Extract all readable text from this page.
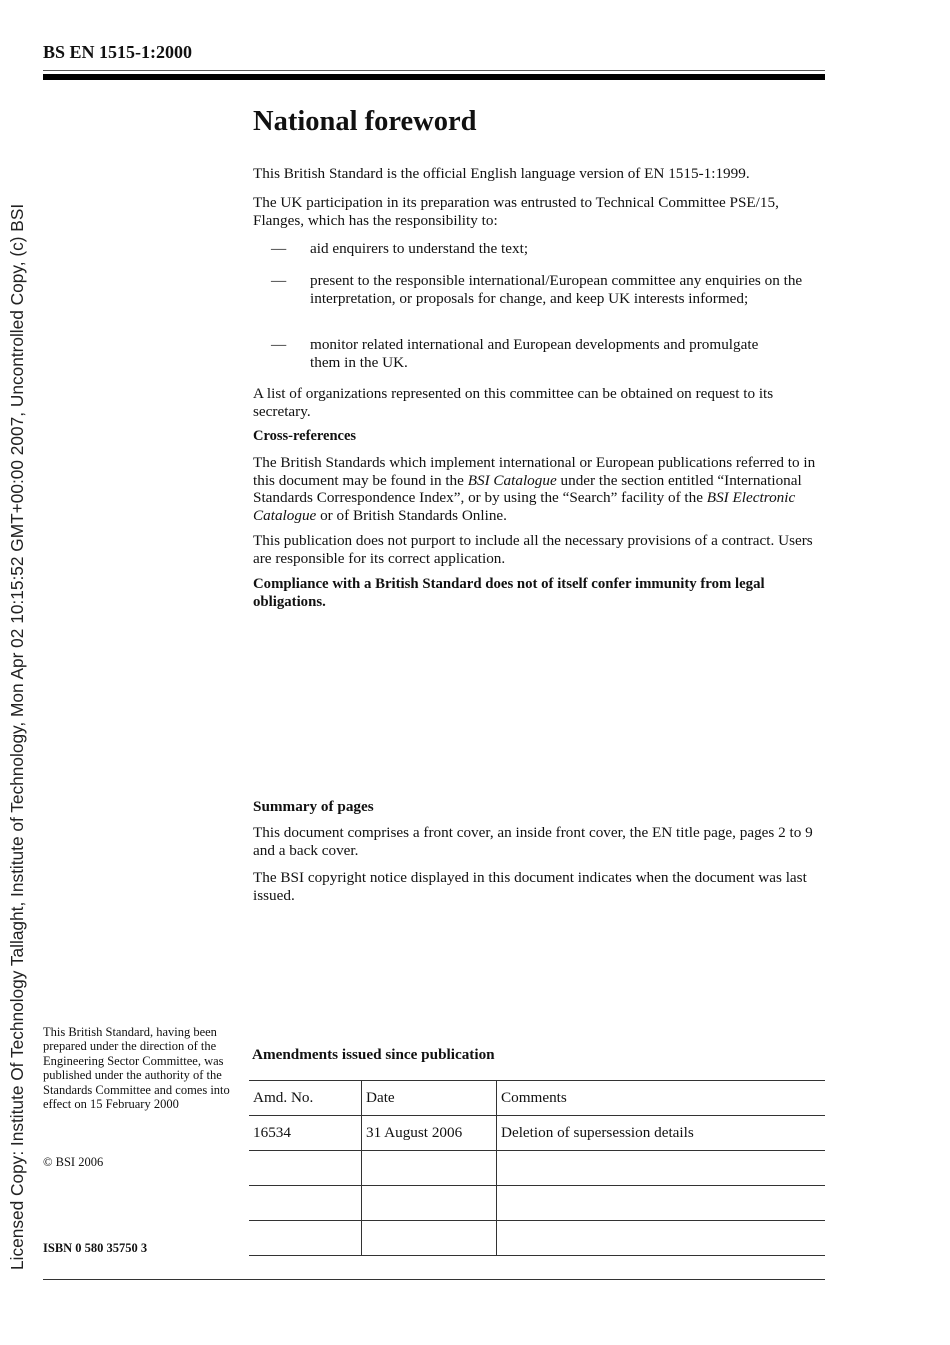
Licensed Copy: Institute Of Technology Tallaght, Institute of Technology, Mon Apr 02 10:15:52 GMT+00:00 2007, Uncontrolled Copy, (c) BSI
BS EN 1515-1:2000
National foreword
This British Standard is the official English language version of EN 1515-1:1999.
The UK participation in its preparation was entrusted to Technical Committee PSE/15, Flanges, which has the responsibility to:
— aid enquirers to understand the text;
— present to the responsible international/European committee any enquiries on the interpretation, or proposals for change, and keep UK interests informed;
— monitor related international and European developments and promulgate them in the UK.
A list of organizations represented on this committee can be obtained on request to its secretary.
Cross-references
The British Standards which implement international or European publications referred to in this document may be found in the BSI Catalogue under the section entitled “International Standards Correspondence Index”, or by using the “Search” facility of the BSI Electronic Catalogue or of British Standards Online.
This publication does not purport to include all the necessary provisions of a contract. Users are responsible for its correct application.
Compliance with a British Standard does not of itself confer immunity from legal obligations.
Summary of pages
This document comprises a front cover, an inside front cover, the EN title page, pages 2 to 9 and a back cover.
The BSI copyright notice displayed in this document indicates when the document was last issued.
This British Standard, having been prepared under the direction of the Engineering Sector Committee, was published under the authority of the Standards Committee and comes into effect on 15 February 2000
© BSI 2006
ISBN 0 580 35750 3
Amendments issued since publication
Amd. No.	Date	Comments
16534	31 August 2006	Deletion of supersession details
